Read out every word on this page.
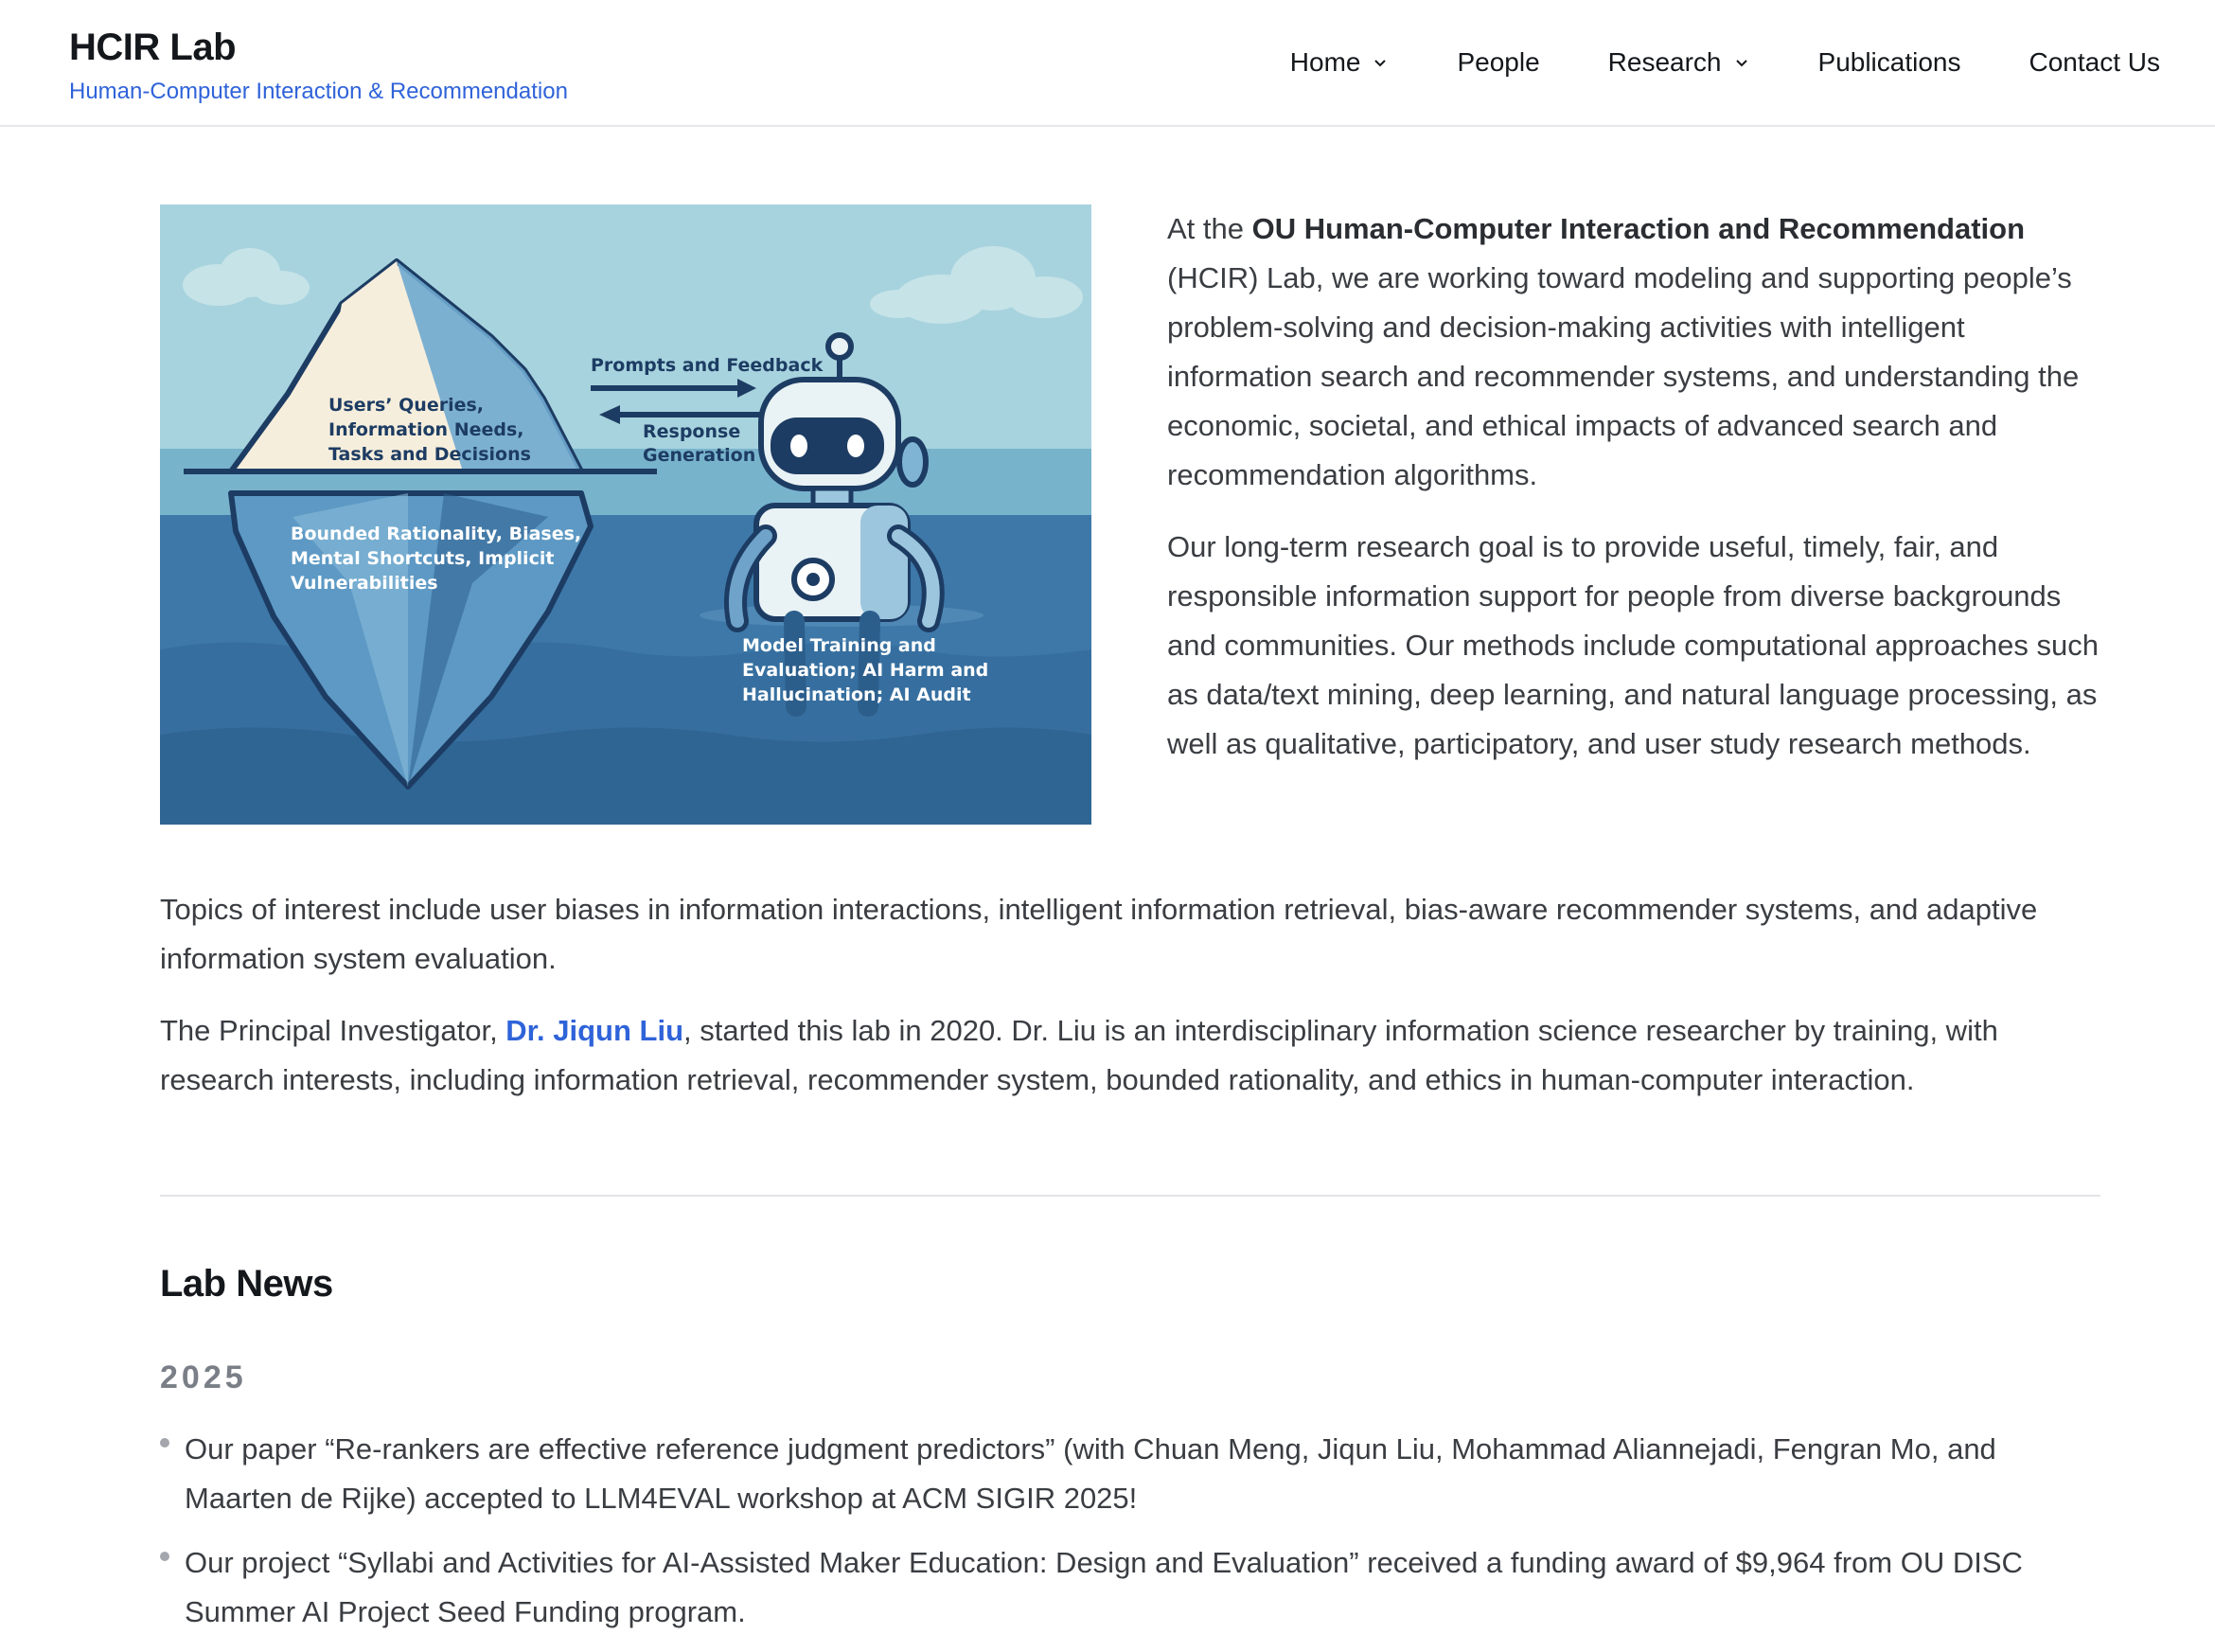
HCIR Lab
Human-Computer Interaction & Recommendation
Home	People	Research	Publications	Contact Us
Users’ Queries,
Information Needs,
Tasks and Decisions
Bounded Rationality, Biases,
Mental Shortcuts, Implicit
Vulnerabilities
Prompts and Feedback
Response
Generation
Model Training and
Evaluation; AI Harm and
Hallucination; AI Audit

At the OU Human-Computer Interaction and Recommendation (HCIR) Lab, we are working toward modeling and supporting people’s problem-solving and decision-making activities with intelligent information search and recommender systems, and understanding the economic, societal, and ethical impacts of advanced search and recommendation algorithms.

Our long-term research goal is to provide useful, timely, fair, and responsible information support for people from diverse backgrounds and communities. Our methods include computational approaches such as data/text mining, deep learning, and natural language processing, as well as qualitative, participatory, and user study research methods.

Topics of interest include user biases in information interactions, intelligent information retrieval, bias-aware recommender systems, and adaptive information system evaluation.

The Principal Investigator, Dr. Jiqun Liu, started this lab in 2020. Dr. Liu is an interdisciplinary information science researcher by training, with research interests, including information retrieval, recommender system, bounded rationality, and ethics in human-computer interaction.

Lab News
2025
Our paper “Re-rankers are effective reference judgment predictors” (with Chuan Meng, Jiqun Liu, Mohammad Aliannejadi, Fengran Mo, and Maarten de Rijke) accepted to LLM4EVAL workshop at ACM SIGIR 2025!
Our project “Syllabi and Activities for AI-Assisted Maker Education: Design and Evaluation” received a funding award of $9,964 from OU DISC Summer AI Project Seed Funding program.
